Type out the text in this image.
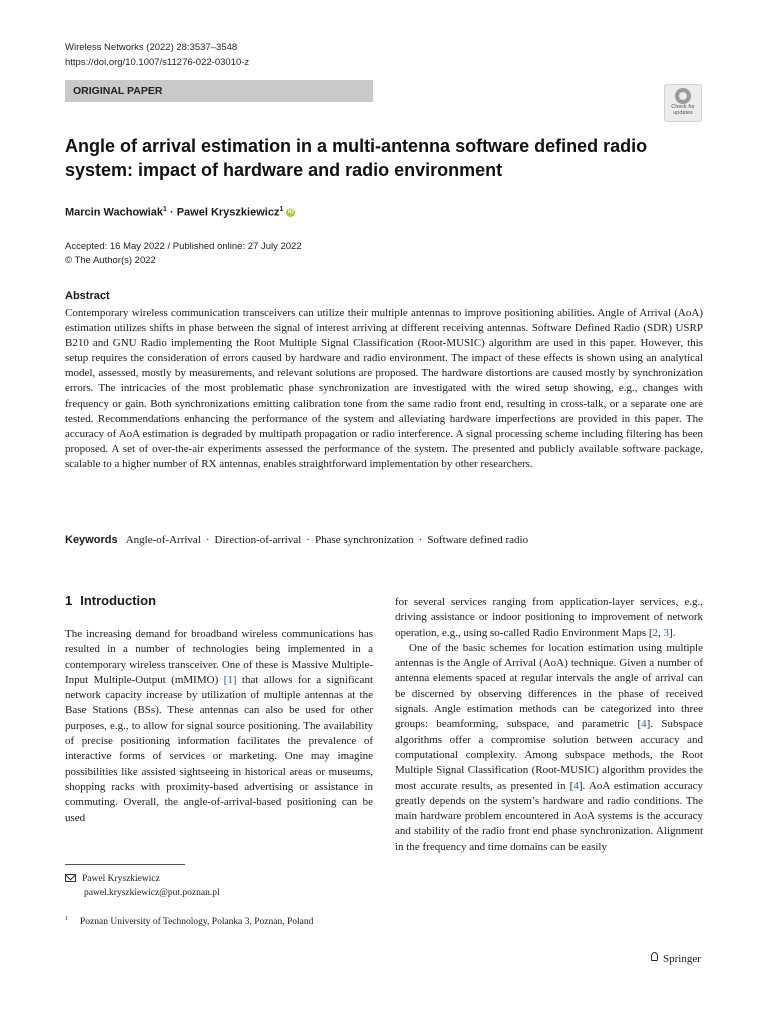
Wireless Networks (2022) 28:3537–3548
https://doi.org/10.1007/s11276-022-03010-z
ORIGINAL PAPER
Check for
updates
Angle of arrival estimation in a multi-antenna software defined radio system: impact of hardware and radio environment
Marcin Wachowiak$^1$ · Pawel Kryszkiewicz$^1$ iD
Accepted: 16 May 2022 / Published online: 27 July 2022
© The Author(s) 2022
Abstract
Contemporary wireless communication transceivers can utilize their multiple antennas to improve positioning abilities. Angle of Arrival (AoA) estimation utilizes shifts in phase between the signal of interest arriving at different receiving antennas. Software Defined Radio (SDR) USRP B210 and GNU Radio implementing the Root Multiple Signal Classification (Root-MUSIC) algorithm are used in this paper. However, this setup requires the consideration of errors caused by hardware and radio environment. The impact of these effects is shown using an analytical model, assessed, mostly by measurements, and relevant solutions are proposed. The hardware distortions are caused mostly by synchronization errors. The intricacies of the most problematic phase synchronization are investigated with the wired setup showing, e.g., changes with frequency or gain. Both synchronizations emitting calibration tone from the same radio front end, resulting in cross-talk, or a separate one are tested. Recommendations enhancing the performance of the system and alleviating hardware imperfections are provided in this paper. The accuracy of AoA estimation is degraded by multipath propagation or radio interference. A signal processing scheme including filtering has been proposed. A set of over-the-air experiments assessed the performance of the system. The presented and publicly available software package, scalable to a higher number of RX antennas, enables straightforward implementation by other researchers.
Keywords Angle-of-Arrival · Direction-of-arrival · Phase synchronization · Software defined radio
1 Introduction

The increasing demand for broadband wireless communications has resulted in a number of technologies being implemented in a contemporary wireless transceiver. One of these is Massive Multiple-Input Multiple-Output (mMIMO) [1] that allows for a significant network capacity increase by utilization of multiple antennas at the Base Stations (BSs). These antennas can also be used for other purposes, e.g., to allow for signal source positioning. The availability of precise positioning information facilitates the prevalence of interactive forms of services or marketing. One may imagine possibilities like assisted sightseeing in historical areas or museums, shopping racks with proximity-based advertising or assistance in commuting. Overall, the angle-of-arrival-based positioning can be used

for several services ranging from application-layer services, e.g., driving assistance or indoor positioning to improvement of network operation, e.g., using so-called Radio Environment Maps [2, 3].

One of the basic schemes for location estimation using multiple antennas is the Angle of Arrival (AoA) technique. Given a number of antenna elements spaced at regular intervals the angle of arrival can be discerned by observing differences in the phase of received signals. Angle estimation methods can be categorized into three groups: beamforming, subspace, and parametric [4]. Subspace algorithms offer a compromise solution between accuracy and computational complexity. Among subspace methods, the Root Multiple Signal Classification (Root-MUSIC) algorithm provides the most accurate results, as presented in [4]. AoA estimation accuracy greatly depends on the system’s hardware and radio conditions. The main hardware problem encountered in AoA systems is the accuracy and stability of the radio front end phase synchronization. Alignment in the frequency and time domains can be easily

Pawel Kryszkiewicz
pawel.kryszkiewicz@put.poznan.pl
$^1$ Poznan University of Technology, Polanka 3, Poznan, Poland
Springer
